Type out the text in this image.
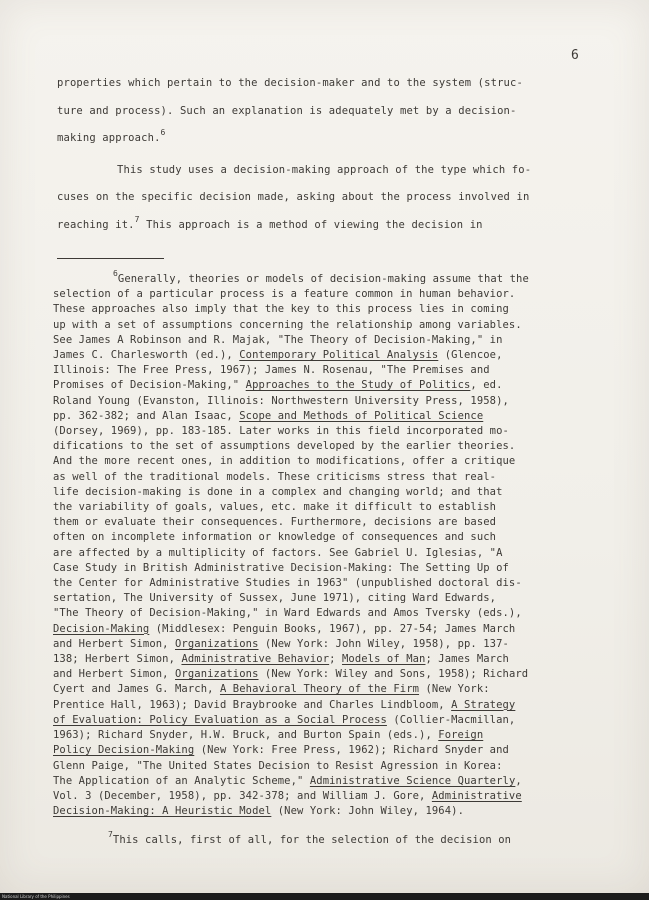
6

properties which pertain to the decision-maker and to the system (struc-
ture and process). Such an explanation is adequately met by a decision-
making approach.$^6$

This study uses a decision-making approach of the type which fo-
cuses on the specific decision made, asking about the process involved in
reaching it.$^7$ This approach is a method of viewing the decision in

$^6$Generally, theories or models of decision-making assume that the
selection of a particular process is a feature common in human behavior.
These approaches also imply that the key to this process lies in coming
up with a set of assumptions concerning the relationship among variables.
See James A Robinson and R. Majak, "The Theory of Decision-Making," in
James C. Charlesworth (ed.), Contemporary Political Analysis (Glencoe,
Illinois: The Free Press, 1967); James N. Rosenau, "The Premises and
Promises of Decision-Making," Approaches to the Study of Politics, ed.
Roland Young (Evanston, Illinois: Northwestern University Press, 1958),
pp. 362-382; and Alan Isaac, Scope and Methods of Political Science
(Dorsey, 1969), pp. 183-185. Later works in this field incorporated mo-
difications to the set of assumptions developed by the earlier theories.
And the more recent ones, in addition to modifications, offer a critique
as well of the traditional models. These criticisms stress that real-
life decision-making is done in a complex and changing world; and that
the variability of goals, values, etc. make it difficult to establish
them or evaluate their consequences. Furthermore, decisions are based
often on incomplete information or knowledge of consequences and such
are affected by a multiplicity of factors. See Gabriel U. Iglesias, "A
Case Study in British Administrative Decision-Making: The Setting Up of
the Center for Administrative Studies in 1963" (unpublished doctoral dis-
sertation, The University of Sussex, June 1971), citing Ward Edwards,
"The Theory of Decision-Making," in Ward Edwards and Amos Tversky (eds.),
Decision-Making (Middlesex: Penguin Books, 1967), pp. 27-54; James March
and Herbert Simon, Organizations (New York: John Wiley, 1958), pp. 137-
138; Herbert Simon, Administrative Behavior; Models of Man; James March
and Herbert Simon, Organizations (New York: Wiley and Sons, 1958); Richard
Cyert and James G. March, A Behavioral Theory of the Firm (New York:
Prentice Hall, 1963); David Braybrooke and Charles Lindbloom, A Strategy
of Evaluation: Policy Evaluation as a Social Process (Collier-Macmillan,
1963); Richard Snyder, H.W. Bruck, and Burton Spain (eds.), Foreign
Policy Decision-Making (New York: Free Press, 1962); Richard Snyder and
Glenn Paige, "The United States Decision to Resist Agression in Korea:
The Application of an Analytic Scheme," Administrative Science Quarterly,
Vol. 3 (December, 1958), pp. 342-378; and William J. Gore, Administrative
Decision-Making: A Heuristic Model (New York: John Wiley, 1964).
$^7$This calls, first of all, for the selection of the decision on
National Library of the Philippines
